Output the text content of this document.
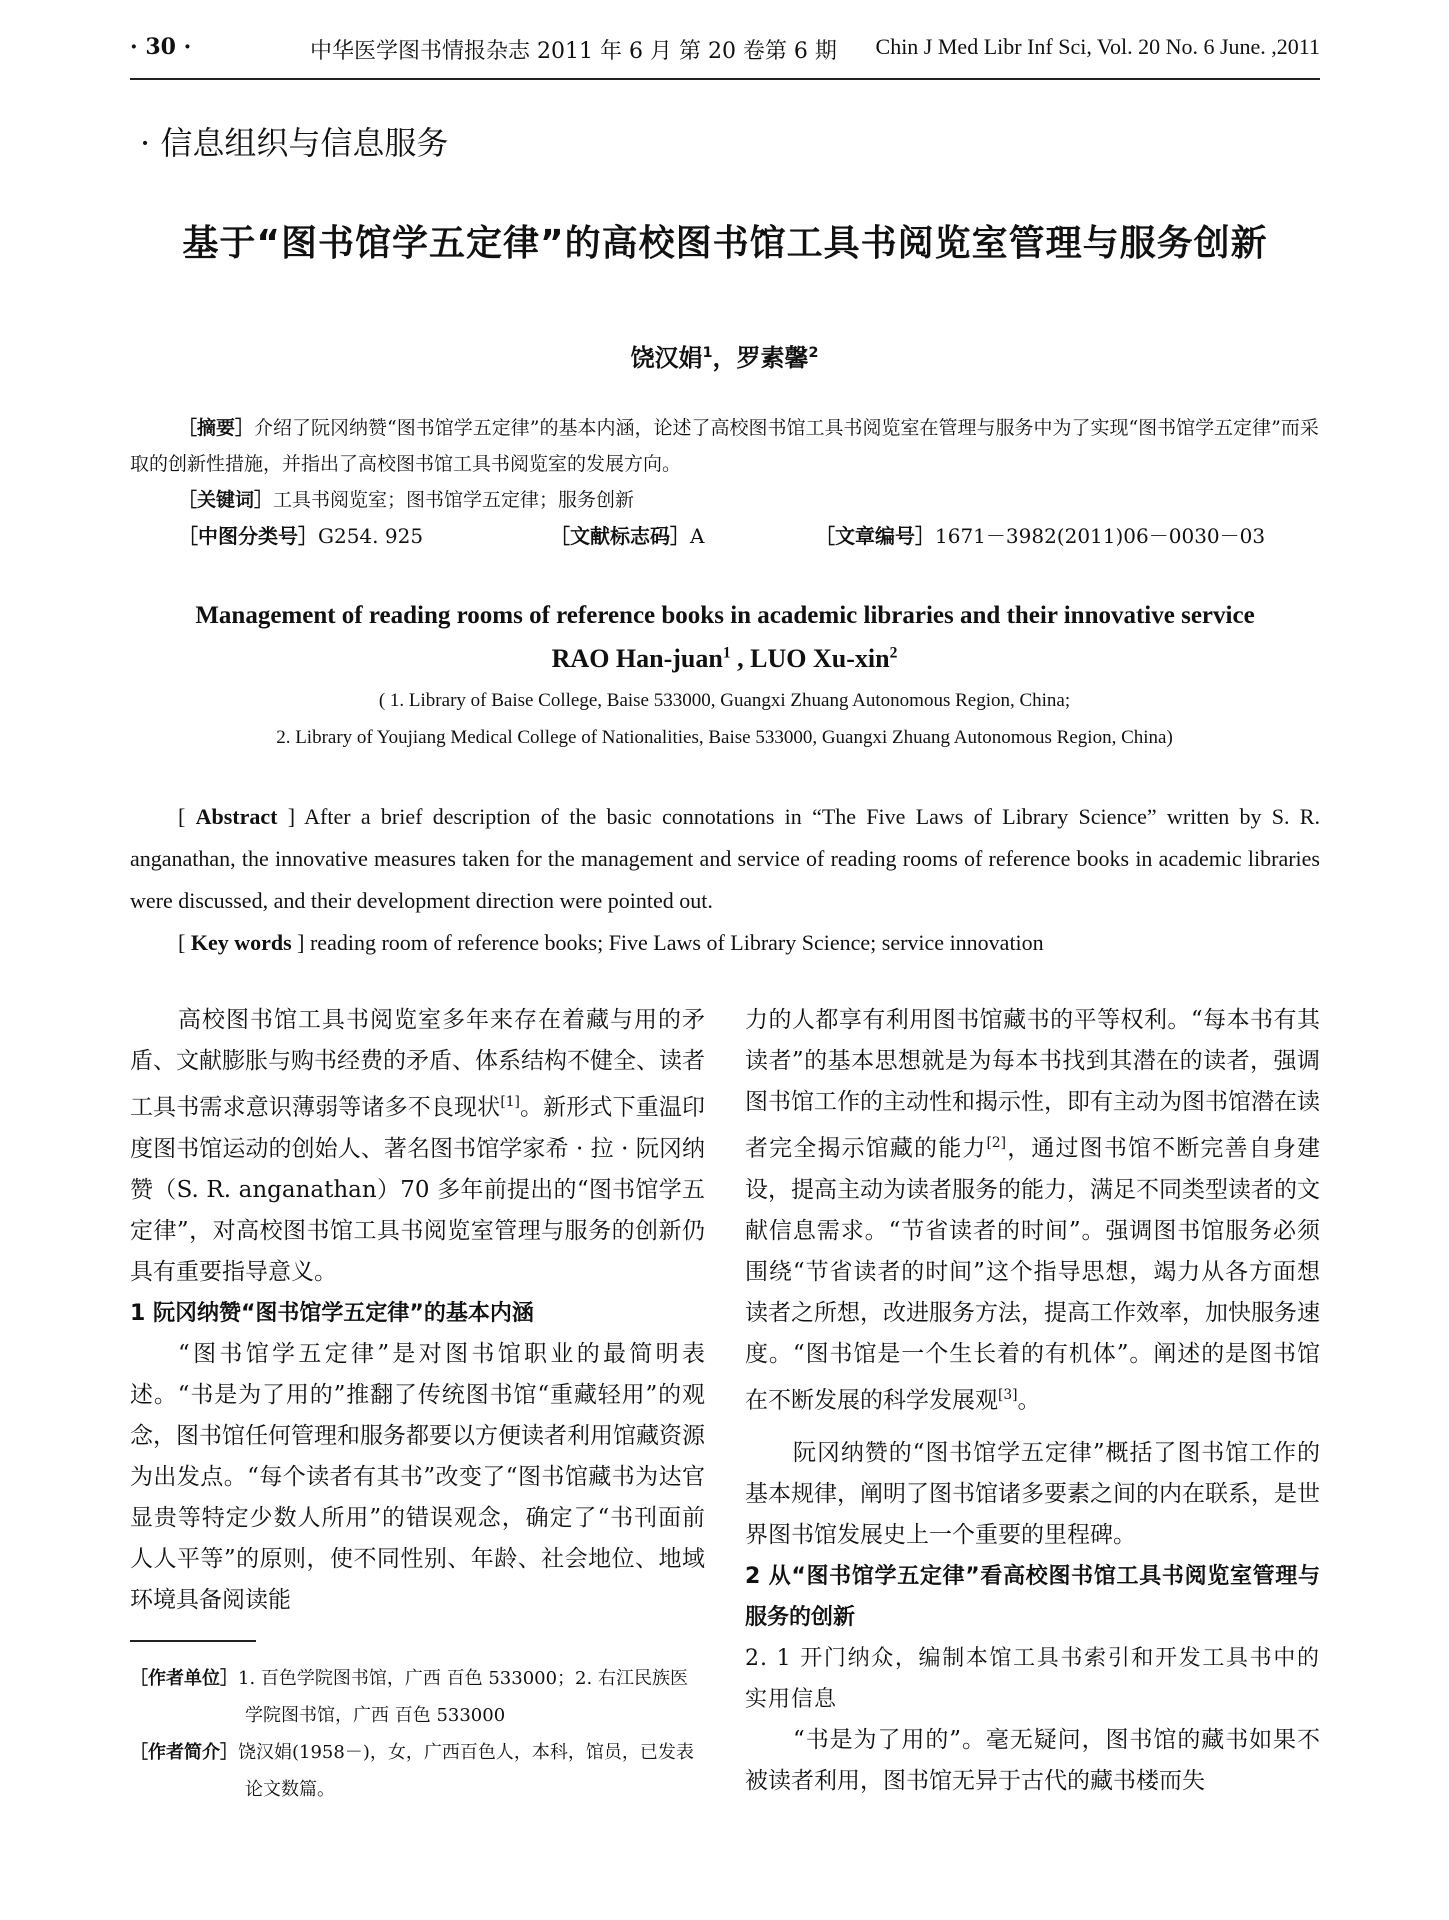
· 30 ·	中华医学图书情报杂志 2011 年 6 月 第 20 卷第 6 期 Chin J Med Libr Inf Sci, Vol. 20 No. 6 June. ,2011
· 信息组织与信息服务
基于“图书馆学五定律”的高校图书馆工具书阅览室管理与服务创新
饶汉娟$^1$，罗素馨$^2$
［摘要］介绍了阮冈纳赞“图书馆学五定律”的基本内涵，论述了高校图书馆工具书阅览室在管理与服务中为了实现“图书馆学五定律”而采取的创新性措施，并指出了高校图书馆工具书阅览室的发展方向。
［关键词］工具书阅览室；图书馆学五定律；服务创新
［中图分类号］G254. 925	［文献标志码］A	［文章编号］1671－3982(2011)06－0030－03
Management of reading rooms of reference books in academic libraries and their innovative service
RAO Han-juan$^1$ , LUO Xu-xin$^2$
( 1. Library of Baise College, Baise 533000, Guangxi Zhuang Autonomous Region, China;
2. Library of Youjiang Medical College of Nationalities, Baise 533000, Guangxi Zhuang Autonomous Region, China)

[ Abstract ] After a brief description of the basic connotations in “The Five Laws of Library Science” written by S. R. anganathan, the innovative measures taken for the management and service of reading rooms of reference books in academic libraries were discussed, and their development direction were pointed out.

[ Key words ] reading room of reference books; Five Laws of Library Science; service innovation

高校图书馆工具书阅览室多年来存在着藏与用的矛盾、文献膨胀与购书经费的矛盾、体系结构不健全、读者工具书需求意识薄弱等诸多不良现状[1]。新形式下重温印度图书馆运动的创始人、著名图书馆学家希 · 拉 · 阮冈纳赞（S. R. anganathan）70 多年前提出的“图书馆学五定律”，对高校图书馆工具书阅览室管理与服务的创新仍具有重要指导意义。

1 阮冈纳赞“图书馆学五定律”的基本内涵

“图书馆学五定律”是对图书馆职业的最简明表述。“书是为了用的”推翻了传统图书馆“重藏轻用”的观念，图书馆任何管理和服务都要以方便读者利用馆藏资源为出发点。“每个读者有其书”改变了“图书馆藏书为达官显贵等特定少数人所用”的错误观念，确定了“书刊面前人人平等”的原则，使不同性别、年龄、社会地位、地域环境具备阅读能

力的人都享有利用图书馆藏书的平等权利。“每本书有其读者”的基本思想就是为每本书找到其潜在的读者，强调图书馆工作的主动性和揭示性，即有主动为图书馆潜在读者完全揭示馆藏的能力[2]，通过图书馆不断完善自身建设，提高主动为读者服务的能力，满足不同类型读者的文献信息需求。“节省读者的时间”。强调图书馆服务必须围绕“节省读者的时间”这个指导思想，竭力从各方面想读者之所想，改进服务方法，提高工作效率，加快服务速度。“图书馆是一个生长着的有机体”。阐述的是图书馆在不断发展的科学发展观[3]。

阮冈纳赞的“图书馆学五定律”概括了图书馆工作的基本规律，阐明了图书馆诸多要素之间的内在联系，是世界图书馆发展史上一个重要的里程碑。

2 从“图书馆学五定律”看高校图书馆工具书阅览室管理与服务的创新

2. 1 开门纳众，编制本馆工具书索引和开发工具书中的实用信息

“书是为了用的”。毫无疑问，图书馆的藏书如果不被读者利用，图书馆无异于古代的藏书楼而失

［作者单位］1. 百色学院图书馆，广西 百色 533000；2. 右江民族医学院图书馆，广西 百色 533000
［作者简介］饶汉娟(1958－)，女，广西百色人，本科，馆员，已发表论文数篇。
